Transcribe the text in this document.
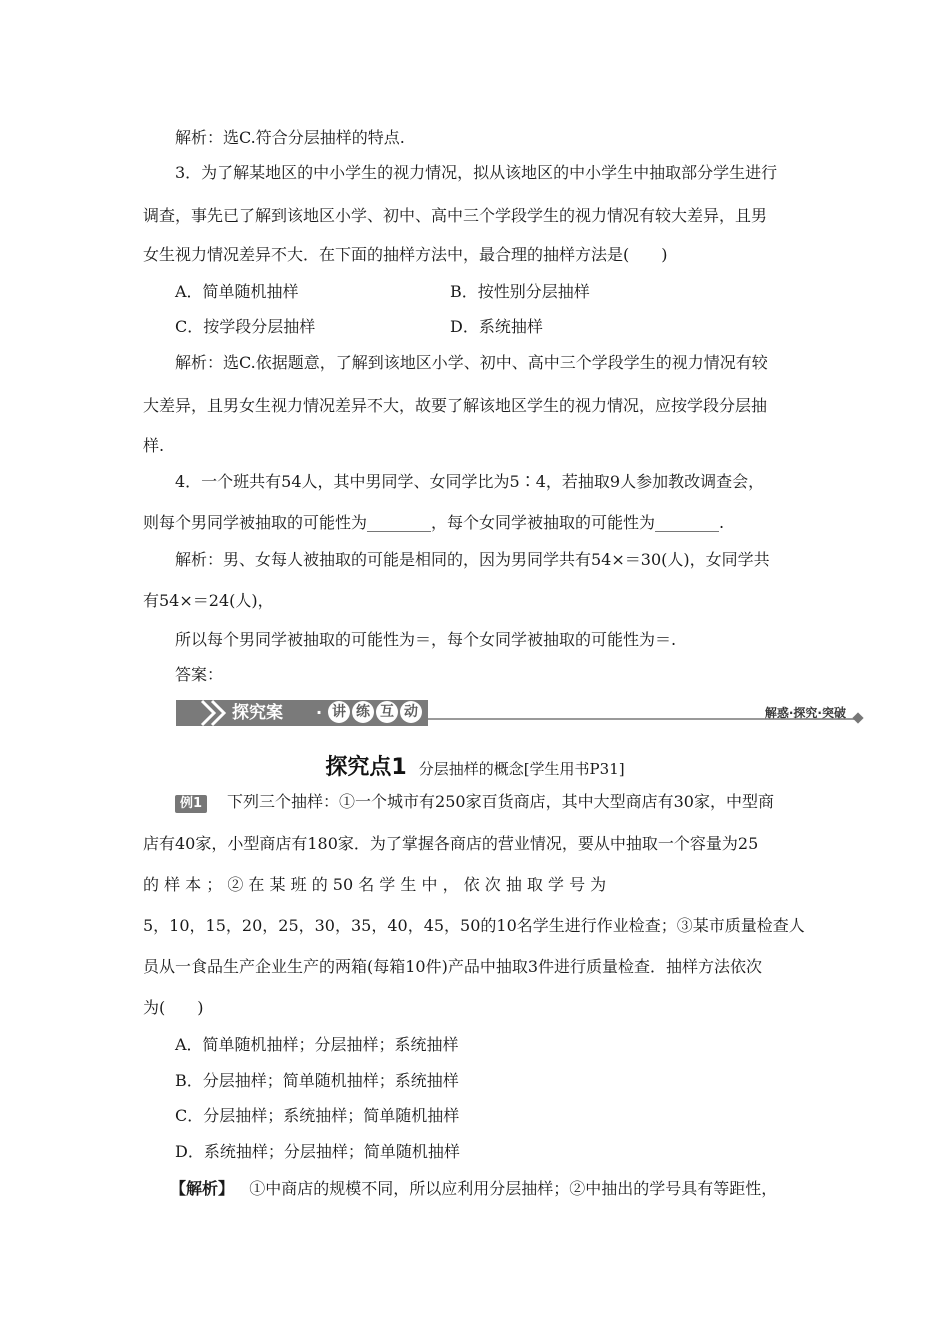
解析：选C.符合分层抽样的特点.
3．为了解某地区的中小学生的视力情况，拟从该地区的中小学生中抽取部分学生进行
调查，事先已了解到该地区小学、初中、高中三个学段学生的视力情况有较大差异，且男
女生视力情况差异不大．在下面的抽样方法中，最合理的抽样方法是(　　)
A．简单随机抽样	B．按性别分层抽样
C．按学段分层抽样	D．系统抽样
解析：选C.依据题意，了解到该地区小学、初中、高中三个学段学生的视力情况有较
大差异，且男女生视力情况差异不大，故要了解该地区学生的视力情况，应按学段分层抽
样.
4．一个班共有54人，其中男同学、女同学比为5∶4，若抽取9人参加教改调查会，
则每个男同学被抽取的可能性为________，每个女同学被抽取的可能性为________.
解析：男、女每人被抽取的可能是相同的，因为男同学共有54×＝30(人)，女同学共
有54×＝24(人)，
所以每个男同学被抽取的可能性为＝，每个女同学被抽取的可能性为＝.
答案：
探究案 · 讲 练 互 动	解惑·探究·突破
探究点1 分层抽样的概念[学生用书P31]
例1 下列三个抽样：①一个城市有250家百货商店，其中大型商店有30家，中型商
店有40家，小型商店有180家．为了掌握各商店的营业情况，要从中抽取一个容量为25
的 样 本 ； ② 在 某 班 的 50 名 学 生 中 ， 依 次 抽 取 学 号 为
5，10，15，20，25，30，35，40，45，50的10名学生进行作业检查；③某市质量检查人
员从一食品生产企业生产的两箱(每箱10件)产品中抽取3件进行质量检查．抽样方法依次
为(　　)
A．简单随机抽样；分层抽样；系统抽样
B．分层抽样；简单随机抽样；系统抽样
C．分层抽样；系统抽样；简单随机抽样
D．系统抽样；分层抽样；简单随机抽样
【解析】 ①中商店的规模不同，所以应利用分层抽样；②中抽出的学号具有等距性，
